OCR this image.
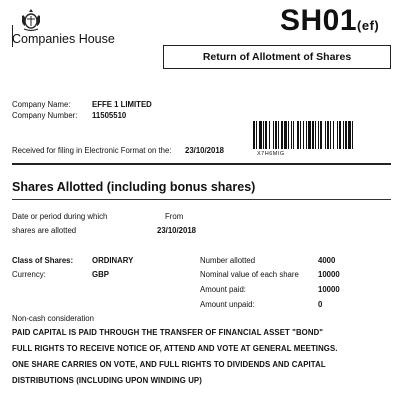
Companies House
SH01(ef)
Return of Allotment of Shares
Company Name:	EFFE 1 LIMITED
Company Number: 11505510
X7H6MIG
Received for filing in Electronic Format on the: 23/10/2018
Shares Allotted (including bonus shares)
Date or period during which
shares are allotted
From
23/10/2018
Class of Shares: ORDINARY
Currency:	GBP
Number allotted	4000
Nominal value of each share 10000
Amount paid:	10000
Amount unpaid:	0
Non-cash consideration
PAID CAPITAL IS PAID THROUGH THE TRANSFER OF FINANCIAL ASSET "BOND"
FULL RIGHTS TO RECEIVE NOTICE OF, ATTEND AND VOTE AT GENERAL MEETINGS.
ONE SHARE CARRIES ON VOTE, AND FULL RIGHTS TO DIVIDENDS AND CAPITAL
DISTRIBUTIONS (INCLUDING UPON WINDING UP)
